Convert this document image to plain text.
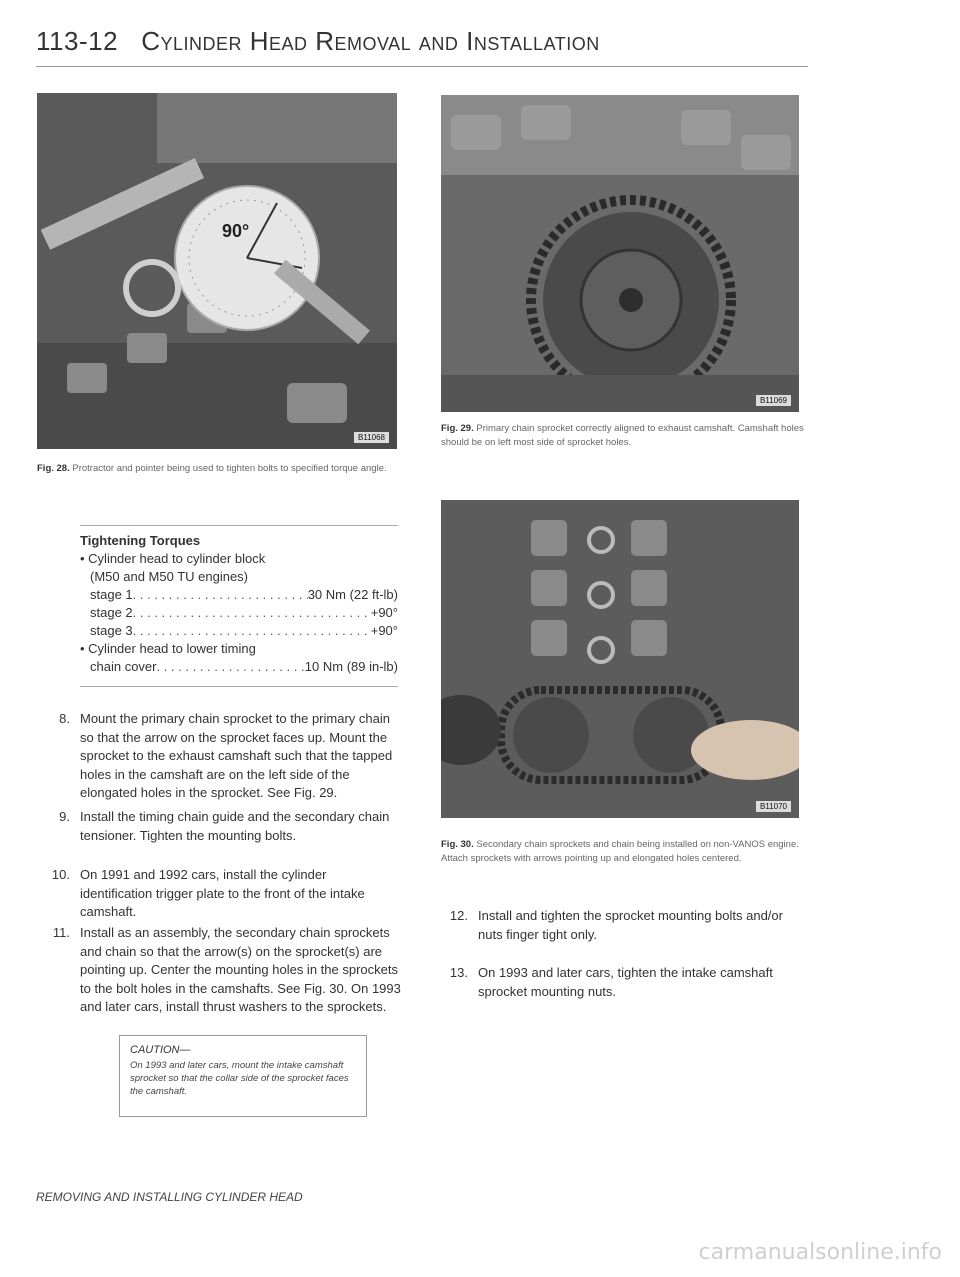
113-12 Cylinder Head Removal and Installation
90°
B11068
Fig. 28. Protractor and pointer being used to tighten bolts to specified torque angle.
B11069
Fig. 29. Primary chain sprocket correctly aligned to exhaust camshaft. Camshaft holes should be on left most side of sprocket holes.
B11070
Fig. 30. Secondary chain sprockets and chain being installed on non-VANOS engine. Attach sprockets with arrows pointing up and elongated holes centered.
Tightening Torques
• Cylinder head to cylinder block
(M50 and M50 TU engines)
stage 1 . . .	30 Nm (22 ft-lb)
stage 2 . . .	+90°
stage 3 . . .	+90°
• Cylinder head to lower timing
chain cover . . .	10 Nm (89 in-lb)
8. Mount the primary chain sprocket to the primary chain so that the arrow on the sprocket faces up. Mount the sprocket to the exhaust camshaft such that the tapped holes in the camshaft are on the left side of the elongated holes in the sprocket. See Fig. 29.
9. Install the timing chain guide and the secondary chain tensioner. Tighten the mounting bolts.
10. On 1991 and 1992 cars, install the cylinder identification trigger plate to the front of the intake camshaft.
11. Install as an assembly, the secondary chain sprockets and chain so that the arrow(s) on the sprocket(s) are pointing up. Center the mounting holes in the sprockets to the bolt holes in the camshafts. See Fig. 30. On 1993 and later cars, install thrust washers to the sprockets.
CAUTION—
On 1993 and later cars, mount the intake camshaft sprocket so that the collar side of the sprocket faces the camshaft.
12. Install and tighten the sprocket mounting bolts and/or nuts finger tight only.
13. On 1993 and later cars, tighten the intake camshaft sprocket mounting nuts.
REMOVING AND INSTALLING CYLINDER HEAD
carmanualsonline.info
